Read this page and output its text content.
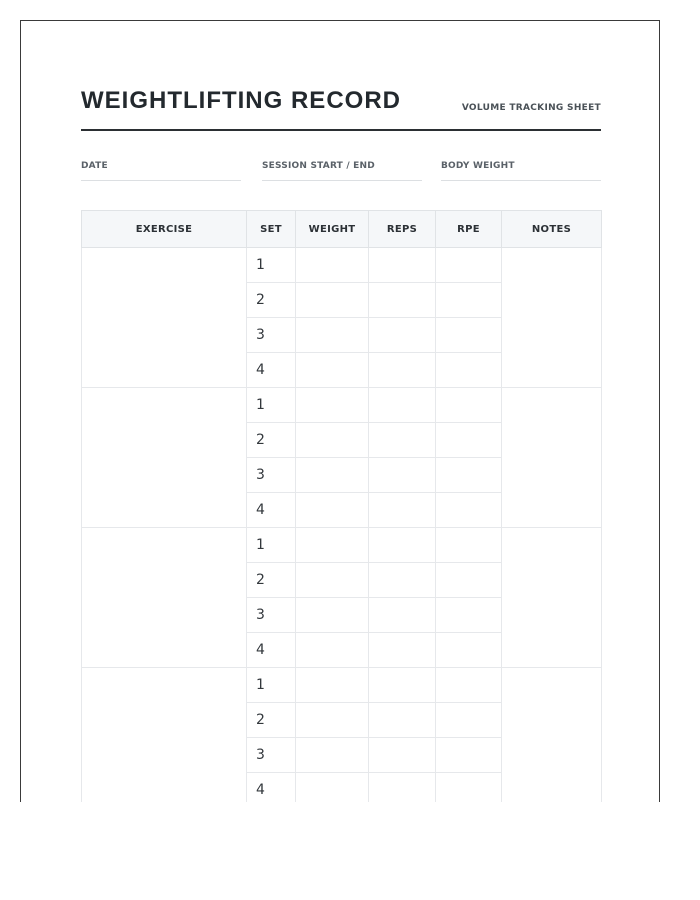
WEIGHTLIFTING RECORD	VOLUME TRACKING SHEET
DATE	SESSION START / END	BODY WEIGHT
EXERCISE	SET	WEIGHT	REPS	RPE	NOTES
	1				
	2				
	3				
	4				
	1				
	2				
	3				
	4				
	1				
	2				
	3				
	4				
	1				
	2				
	3				
	4				
